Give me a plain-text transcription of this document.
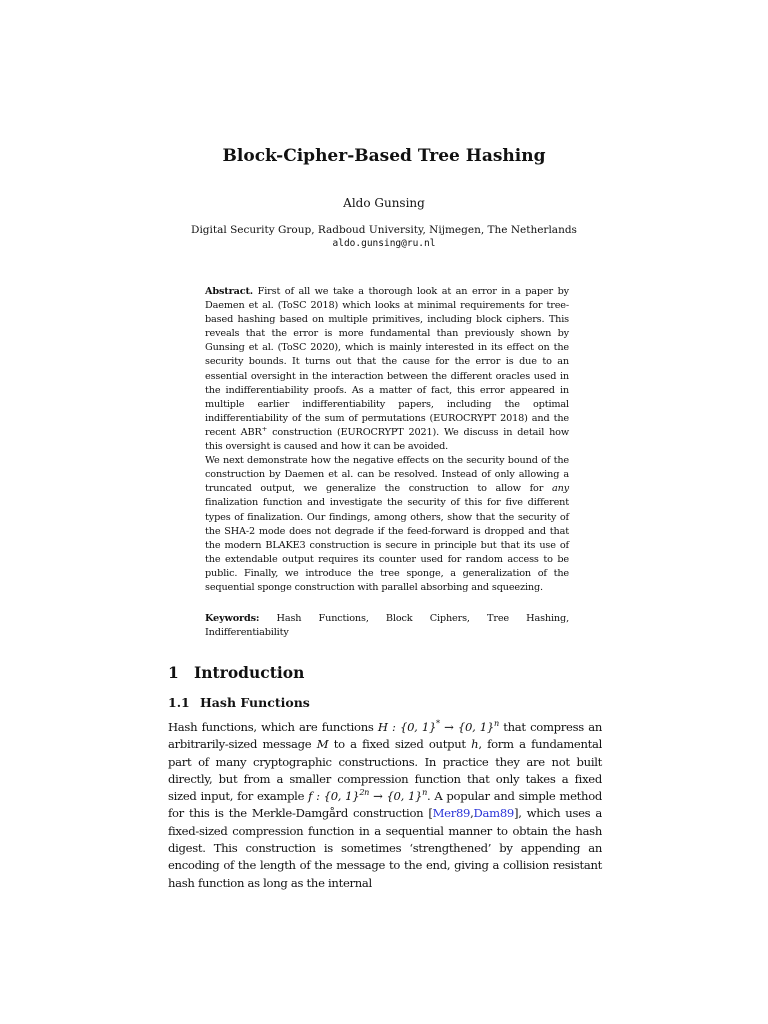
Block-Cipher-Based Tree Hashing
Aldo Gunsing
Digital Security Group, Radboud University, Nijmegen, The Netherlands
aldo.gunsing@ru.nl

Abstract. First of all we take a thorough look at an error in a paper by Daemen et al. (ToSC 2018) which looks at minimal requirements for tree-based hashing based on multiple primitives, including block ciphers. This reveals that the error is more fundamental than previously shown by Gunsing et al. (ToSC 2020), which is mainly interested in its effect on the security bounds. It turns out that the cause for the error is due to an essential oversight in the interaction between the different oracles used in the indifferentiability proofs. As a matter of fact, this error appeared in multiple earlier indifferentiability papers, including the optimal indifferentiability of the sum of permutations (EUROCRYPT 2018) and the recent ABR+ construction (EUROCRYPT 2021). We discuss in detail how this oversight is caused and how it can be avoided.

We next demonstrate how the negative effects on the security bound of the construction by Daemen et al. can be resolved. Instead of only allowing a truncated output, we generalize the construction to allow for any finalization function and investigate the security of this for five different types of finalization. Our findings, among others, show that the security of the SHA-2 mode does not degrade if the feed-forward is dropped and that the modern BLAKE3 construction is secure in principle but that its use of the extendable output requires its counter used for random access to be public. Finally, we introduce the tree sponge, a generalization of the sequential sponge construction with parallel absorbing and squeezing.

Keywords: Hash Functions, Block Ciphers, Tree Hashing, Indifferentiability
1 Introduction
1.1 Hash Functions

Hash functions, which are functions H : {0, 1}* → {0, 1}$^n$ that compress an arbitrarily-sized message M to a fixed sized output h, form a fundamental part of many cryptographic constructions. In practice they are not built directly, but from a smaller compression function that only takes a fixed sized input, for example f : {0, 1}$^{2n}$ → {0, 1}$^n$. A popular and simple method for this is the Merkle-Damgård construction [Mer89,Dam89], which uses a fixed-sized compression function in a sequential manner to obtain the hash digest. This construction is sometimes ‘strengthened’ by appending an encoding of the length of the message to the end, giving a collision resistant hash function as long as the internal
